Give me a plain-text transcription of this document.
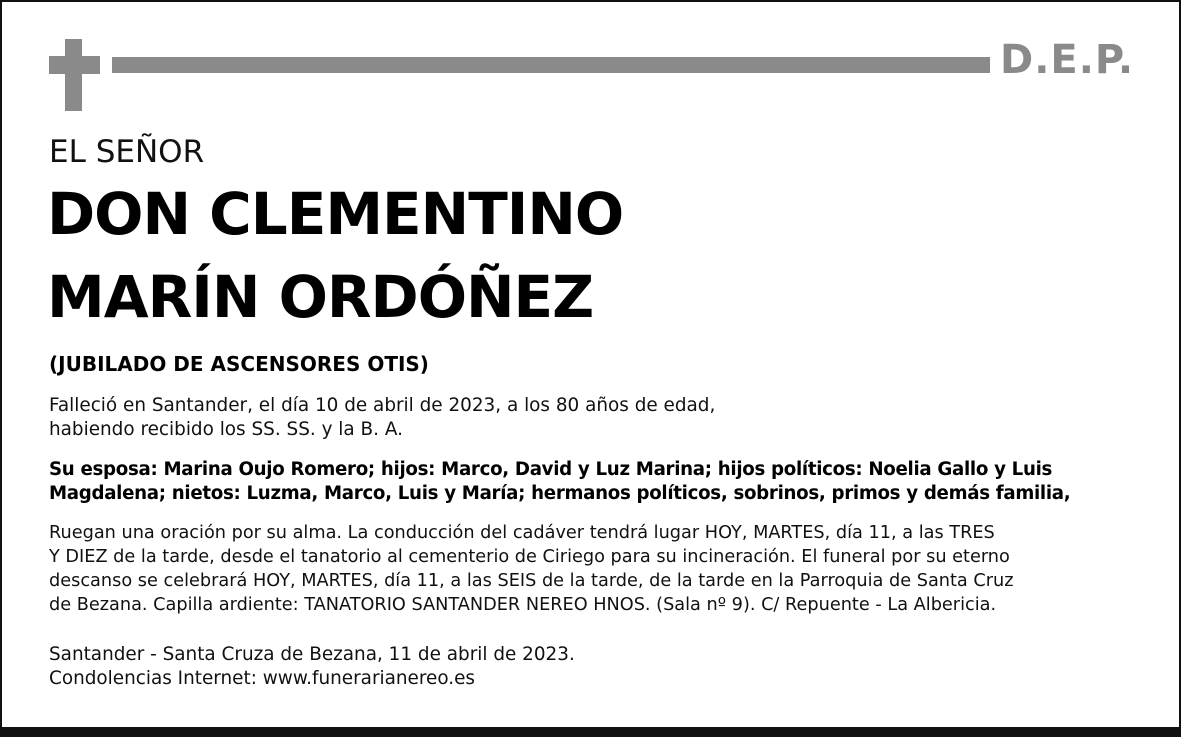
D.E.P.
EL SEÑOR
DON CLEMENTINO
MARÍN ORDÓÑEZ
(JUBILADO DE ASCENSORES OTIS)

Falleció en Santander, el día 10 de abril de 2023, a los 80 años de edad,

habiendo recibido los SS. SS. y la B. A.

Su esposa: Marina Oujo Romero; hijos: Marco, David y Luz Marina; hijos políticos: Noelia Gallo y Luis

Magdalena; nietos: Luzma, Marco, Luis y María; hermanos políticos, sobrinos, primos y demás familia,

Ruegan una oración por su alma. La conducción del cadáver tendrá lugar HOY, MARTES, día 11, a las TRES

Y DIEZ de la tarde, desde el tanatorio al cementerio de Ciriego para su incineración. El funeral por su eterno

descanso se celebrará HOY, MARTES, día 11, a las SEIS de la tarde, de la tarde en la Parroquia de Santa Cruz

de Bezana. Capilla ardiente: TANATORIO SANTANDER NEREO HNOS. (Sala nº 9). C/ Repuente - La Albericia.

Santander - Santa Cruza de Bezana, 11 de abril de 2023.

Condolencias Internet: www.funerarianereo.es
